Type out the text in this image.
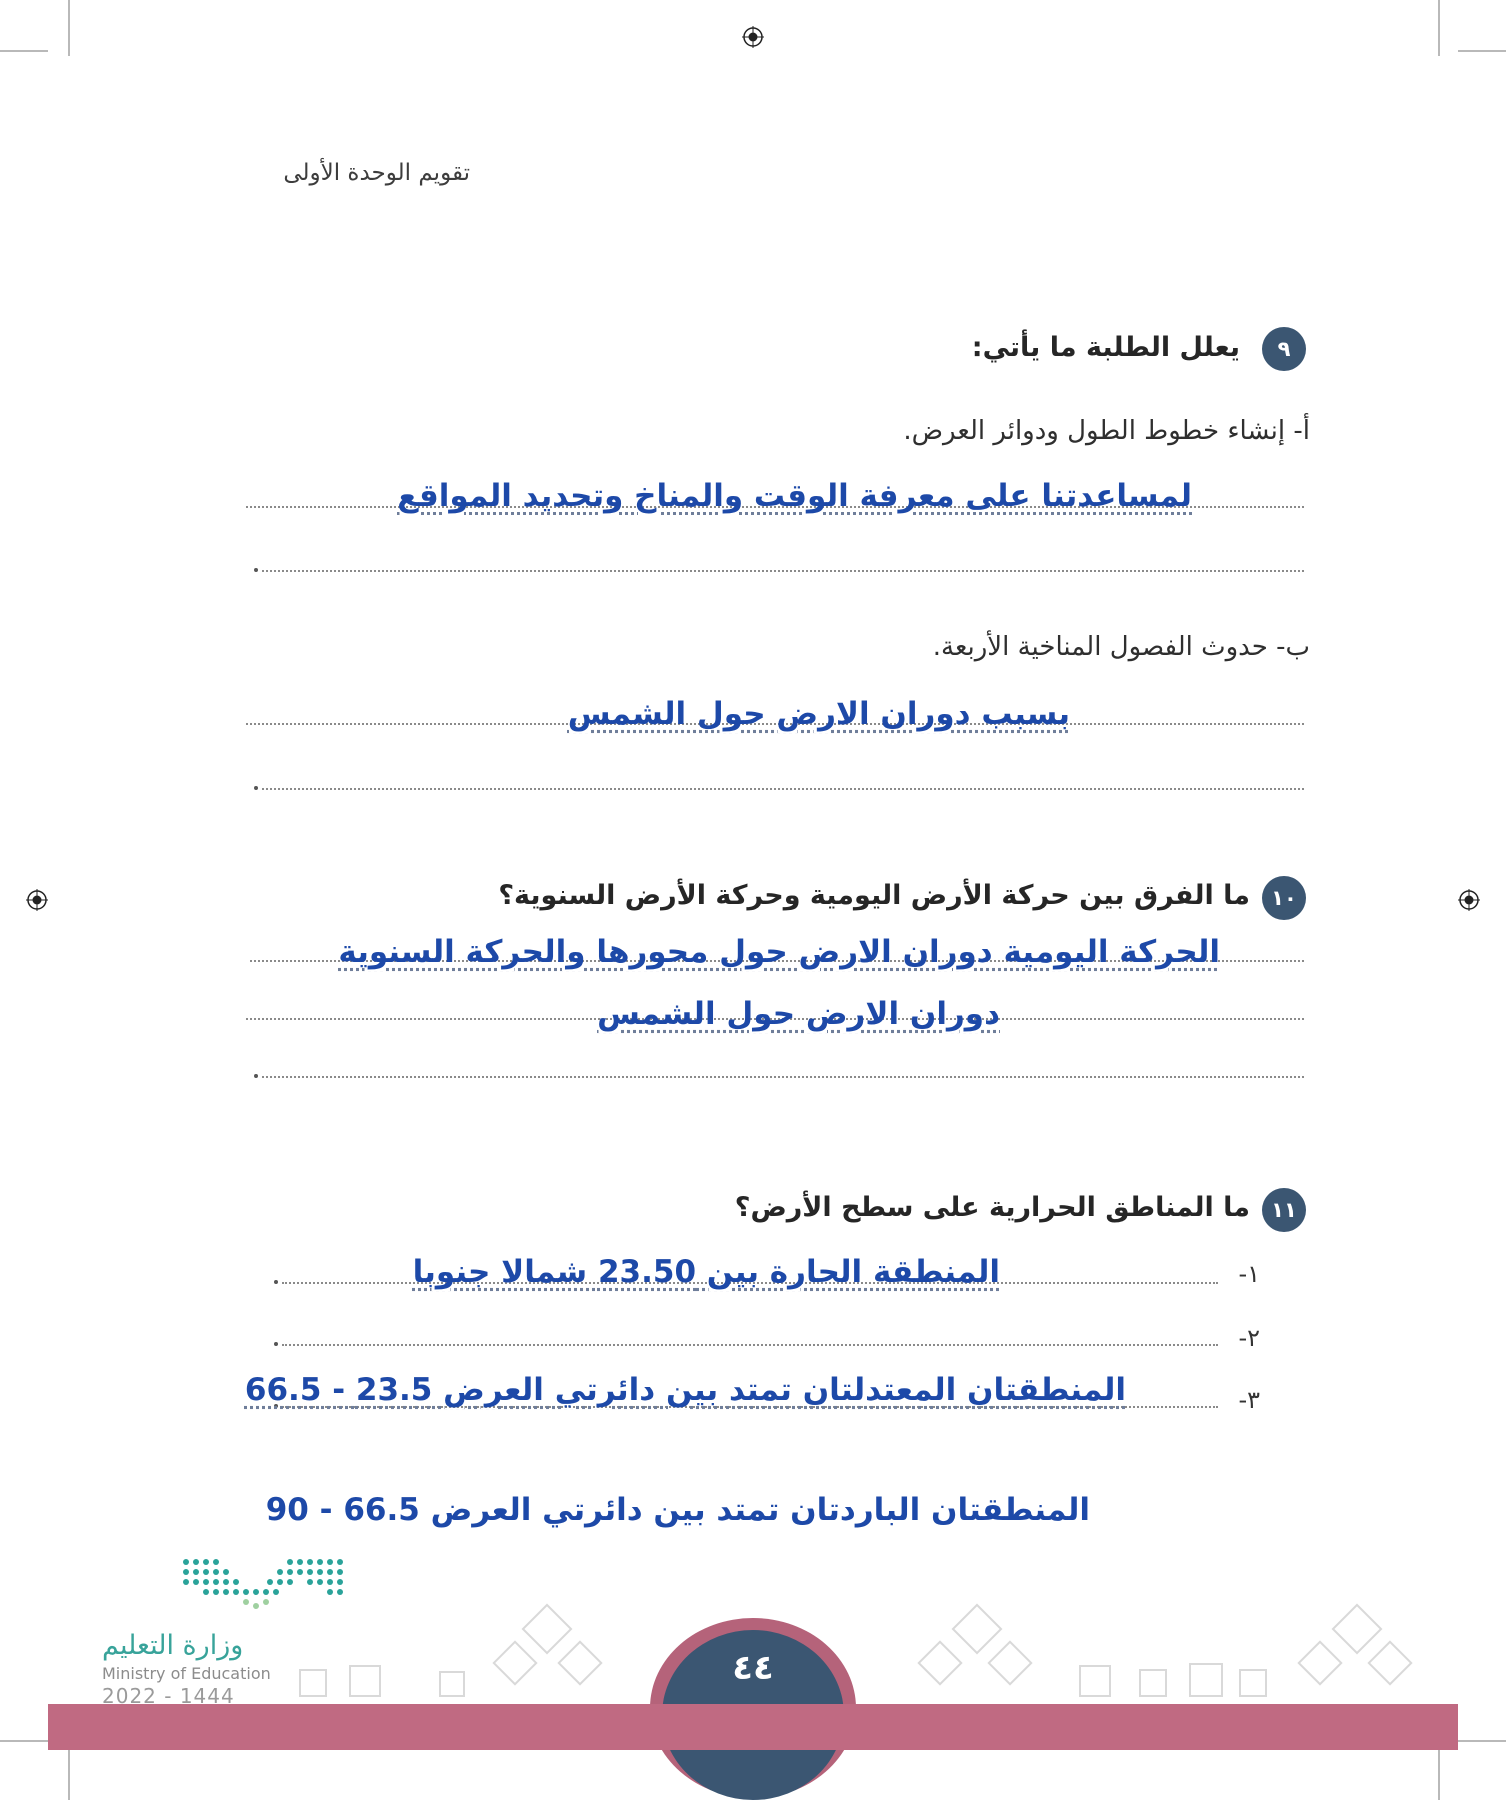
تقويم الوحدة الأولى
٩
يعلل الطلبة ما يأتي:
أ- إنشاء خطوط الطول ودوائر العرض.
لمساعدتنا على معرفة الوقت والمناخ وتحديد المواقع
ب- حدوث الفصول المناخية الأربعة.
بسبب دوران الارض حول الشمس
١٠
ما الفرق بين حركة الأرض اليومية وحركة الأرض السنوية؟
الحركة اليومية دوران الارض حول محورها والحركة السنوية
دوران الارض حول الشمس
١١
ما المناطق الحرارية على سطح الأرض؟
١-
المنطقة الحارة بين 23.50 شمالا جنوبا
٢-
٣-
المنطقتان المعتدلتان تمتد بين دائرتي العرض 23.5 - 66.5
المنطقتان الباردتان تمتد بين دائرتي العرض 66.5 - 90
٤٤
وزارة التعليم
Ministry of Education
2022 - 1444
